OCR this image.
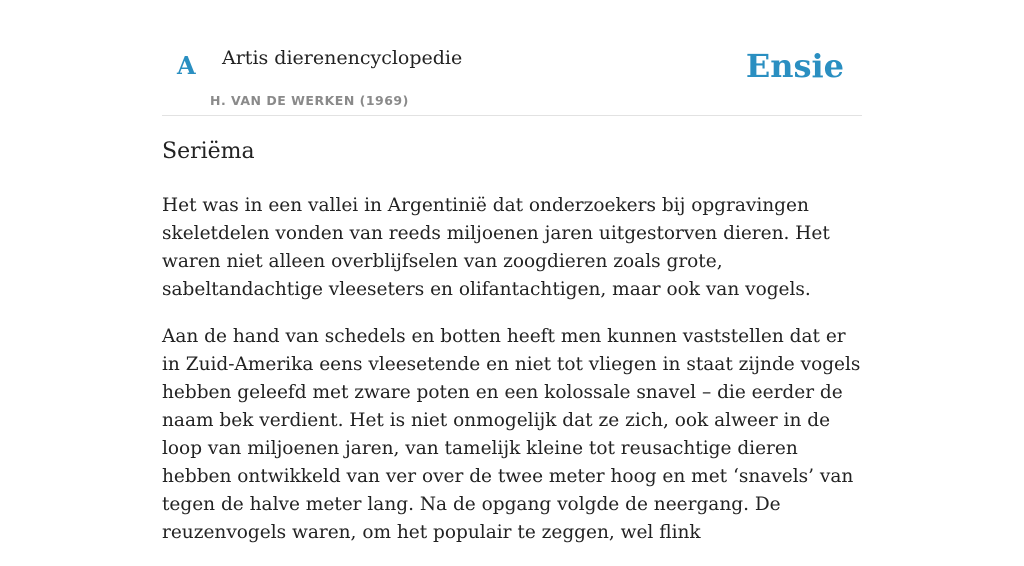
A Artis dierenencyclopedie
H. VAN DE WERKEN (1969)
Ensie
Seriëma

Het was in een vallei in Argentinië dat onderzoekers bij opgravingen skeletdelen vonden van reeds miljoenen jaren uitgestorven dieren. Het waren niet alleen overblijfselen van zoogdieren zoals grote, sabeltandachtige vleeseters en olifantachtigen, maar ook van vogels.

Aan de hand van schedels en botten heeft men kunnen vaststellen dat er in Zuid-Amerika eens vleesetende en niet tot vliegen in staat zijnde vogels hebben geleefd met zware poten en een kolossale snavel – die eerder de naam bek verdient. Het is niet onmogelijk dat ze zich, ook alweer in de loop van miljoenen jaren, van tamelijk kleine tot reusachtige dieren hebben ontwikkeld van ver over de twee meter hoog en met ‘snavels’ van tegen de halve meter lang. Na de opgang volgde de neergang. De reuzenvogels waren, om het populair te zeggen, wel flink
